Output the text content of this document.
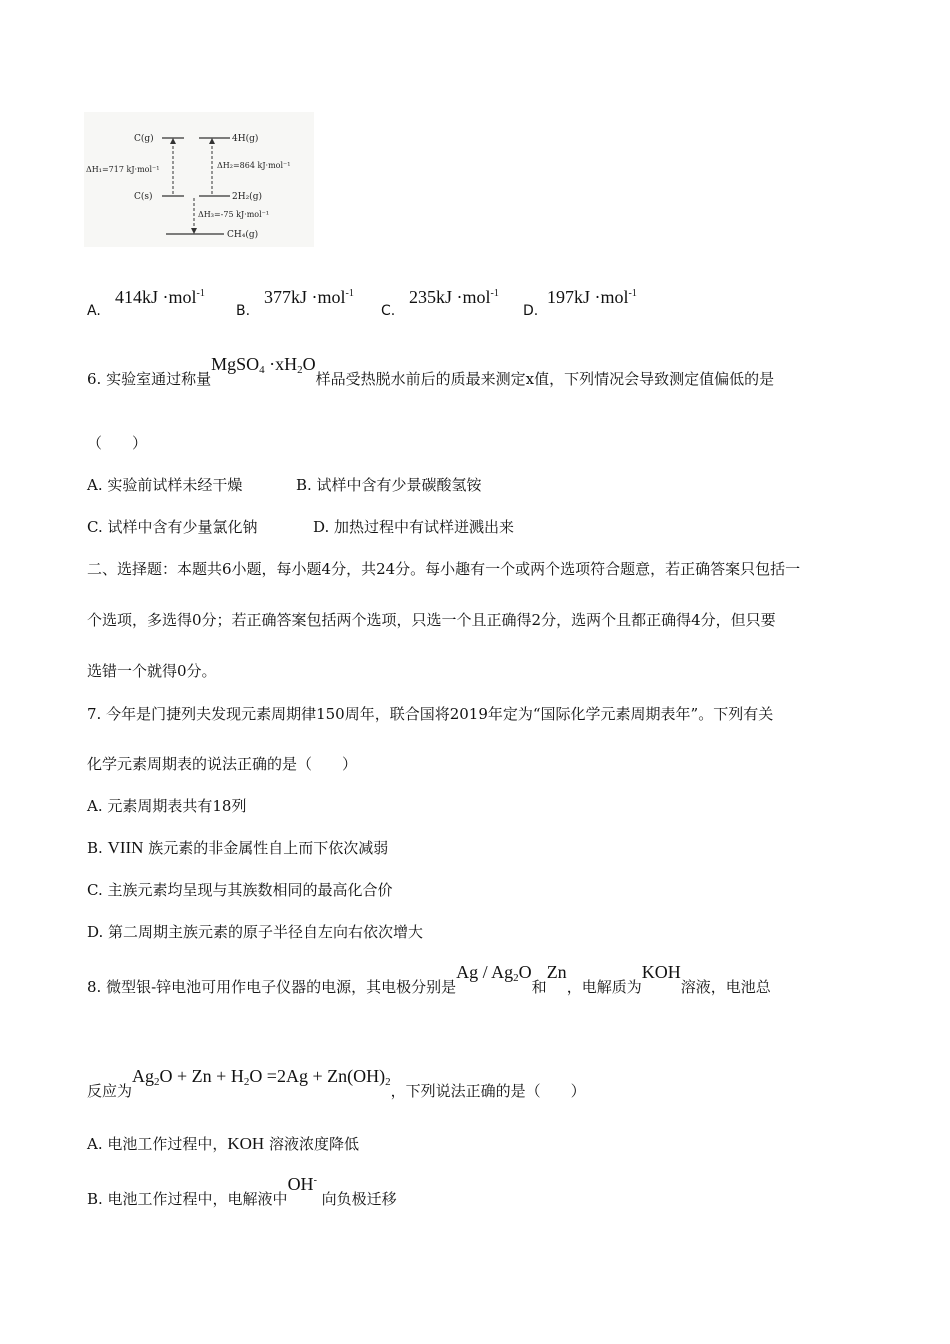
C(g)	4H(g)
C(s)	2H₂(g)
CH₄(g)
ΔH₁=717 kJ·mol⁻¹	ΔH₂=864 kJ·mol⁻¹
ΔH₃=-75 kJ·mol⁻¹
A.
414kJ ·mol$^{-1}$
B.
377kJ ·mol$^{-1}$
C.
235kJ ·mol$^{-1}$
D.
197kJ ·mol$^{-1}$
6. 实验室通过称量MgSO$_4$ $\cdot xH_2O$样品受热脱水前后的质最来测定x值，下列情况会导致测定值偏低的是
（　　）
A. 实验前试样未经干燥	B. 试样中含有少景碳酸氢铵
C. 试样中含有少量氯化钠	D. 加热过程中有试样迸溅出来
二、选择题：本题共6小题，每小题4分，共24分。每小趣有一个或两个选项符合题意，若正确答案只包括一
个选项，多选得0分；若正确答案包括两个选项，只选一个且正确得2分，选两个且都正确得4分，但只要
选错一个就得0分。
7. 今年是门捷列夫发现元素周期律150周年，联合国将2019年定为“国际化学元素周期表年”。下列有关
化学元素周期表的说法正确的是（　　）
A. 元素周期表共有18列
B. VIIN 族元素的非金属性自上而下依次减弱
C. 主族元素均呈现与其族数相同的最高化合价
D. 第二周期主族元素的原子半径自左向右依次增大
8. 微型银-锌电池可用作电子仪器的电源，其电极分别是Ag / $Ag_2O$和Zn，电解质为KOH溶液，电池总
反应为$Ag_2O + Zn + H_2O =2Ag + Zn(OH)_2$，下列说法正确的是（　　）
A. 电池工作过程中，KOH 溶液浓度降低
B. 电池工作过程中，电解液中OH- 向负极迁移
